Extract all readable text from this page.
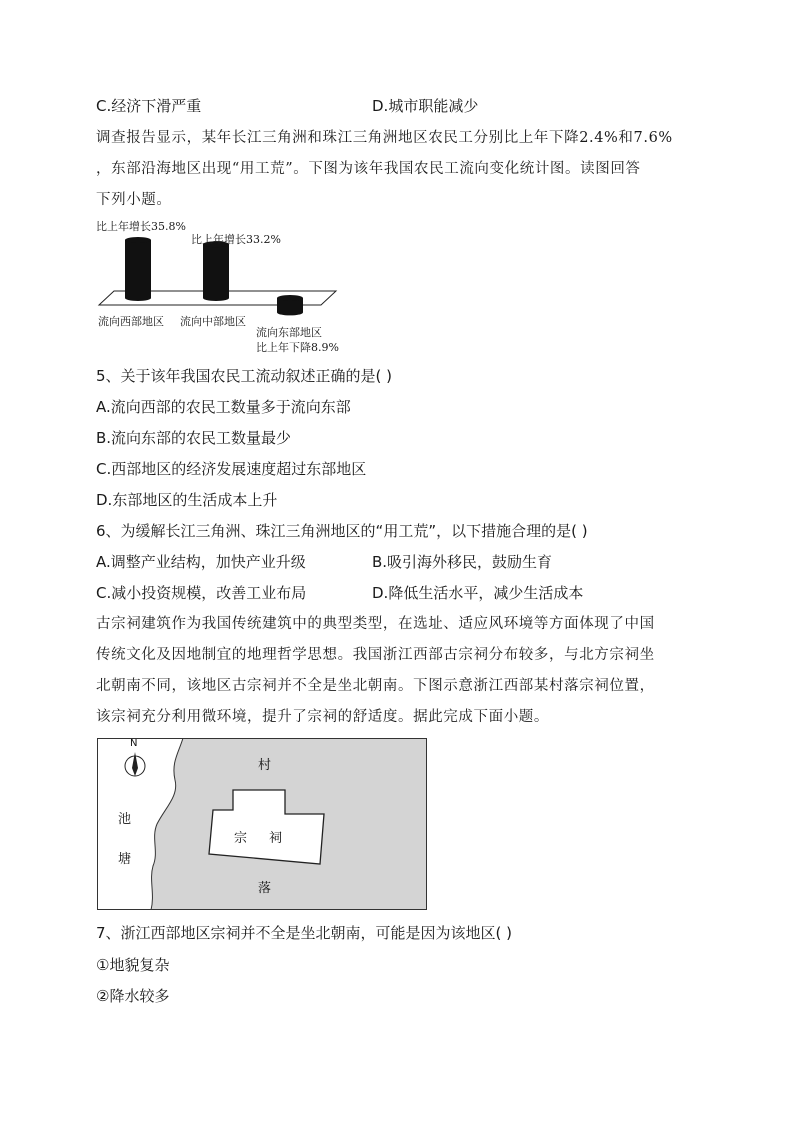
C.经济下滑严重	D.城市职能减少
调查报告显示，某年长江三角洲和珠江三角洲地区农民工分别比上年下降2.4%和7.6%
，东部沿海地区出现“用工荒”。下图为该年我国农民工流向变化统计图。读图回答
下列小题。
比上年增长35.8%
比上年增长33.2%
流向西部地区 流向中部地区
流向东部地区
比上年下降8.9%
5、关于该年我国农民工流动叙述正确的是( )
A.流向西部的农民工数量多于流向东部
B.流向东部的农民工数量最少
C.西部地区的经济发展速度超过东部地区
D.东部地区的生活成本上升
6、为缓解长江三角洲、珠江三角洲地区的“用工荒”，以下措施合理的是( )
A.调整产业结构，加快产业升级	B.吸引海外移民，鼓励生育
C.减小投资规模，改善工业布局	D.降低生活水平，减少生活成本
古宗祠建筑作为我国传统建筑中的典型类型，在选址、适应风环境等方面体现了中国
传统文化及因地制宜的地理哲学思想。我国浙江西部古宗祠分布较多，与北方宗祠坐
北朝南不同，该地区古宗祠并不全是坐北朝南。下图示意浙江西部某村落宗祠位置，
该宗祠充分利用微环境，提升了宗祠的舒适度。据此完成下面小题。
N
池
塘
村
落
宗 祠
7、浙江西部地区宗祠并不全是坐北朝南，可能是因为该地区( )
①地貌复杂
②降水较多
